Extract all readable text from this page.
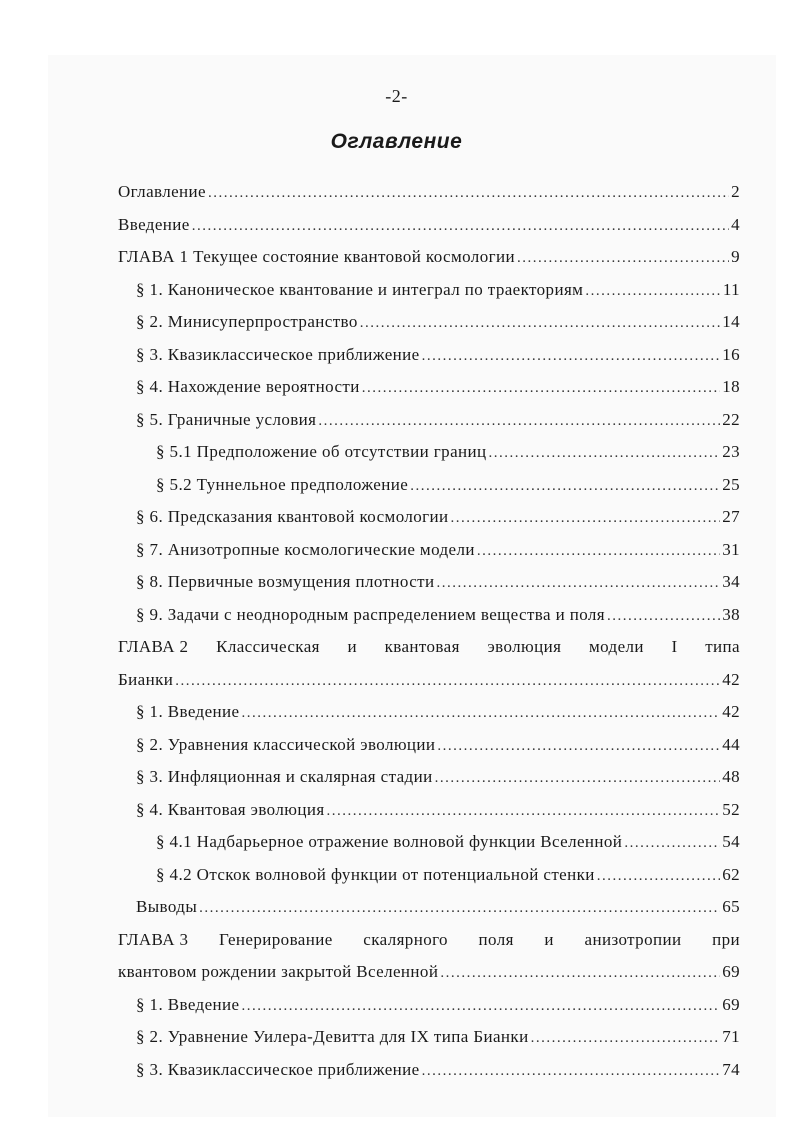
-2-
Оглавление
Оглавление .....	2
Введение .....	4
ГЛАВА 1 Текущее состояние квантовой космологии .....	9
§ 1. Каноническое квантование и интеграл по траекториям .....	11
§ 2. Минисуперпространство .....	14
§ 3. Квазиклассическое приближение .....	16
§ 4. Нахождение вероятности .....	18
§ 5. Граничные условия .....	22
§ 5.1 Предположение об отсутствии границ .....	23
§ 5.2 Туннельное предположение .....	25
§ 6. Предсказания квантовой космологии .....	27
§ 7. Анизотропные космологические модели .....	31
§ 8. Первичные возмущения плотности .....	34
§ 9. Задачи с неоднородным распределением вещества и поля .....	38
ГЛАВА 2 Классическая и квантовая эволюция модели I типа
Бианки .....	42
§ 1. Введение .....	42
§ 2. Уравнения классической эволюции .....	44
§ 3. Инфляционная и скалярная стадии .....	48
§ 4. Квантовая эволюция .....	52
§ 4.1 Надбарьерное отражение волновой функции Вселенной .....	54
§ 4.2 Отскок волновой функции от потенциальной стенки .....	62
Выводы .....	65
ГЛАВА 3 Генерирование скалярного поля и анизотропии при
квантовом рождении закрытой Вселенной .....	69
§ 1. Введение .....	69
§ 2. Уравнение Уилера-Девитта для IX типа Бианки .....	71
§ 3. Квазиклассическое приближение .....	74
